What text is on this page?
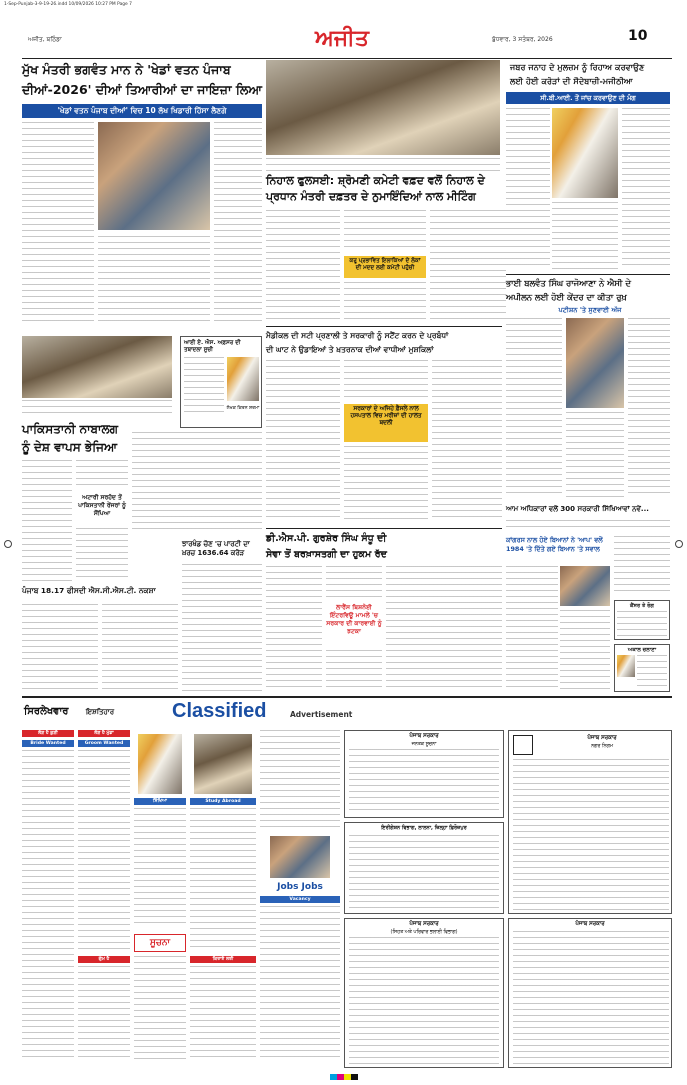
1-Sep-Punjab-3-9-19-26.indd 10/09/2026 10:27 PM Page 7
ਅਜੀਤ, ਬਠਿੰਡਾ	ਅਜੀਤ	ਬੁੱਧਵਾਰ, 3 ਸਤੰਬਰ, 2026	10
ਮੁੱਖ ਮੰਤਰੀ ਭਗਵੰਤ ਮਾਨ ਨੇ 'ਖੇਡਾਂ ਵਤਨ ਪੰਜਾਬ
ਦੀਆਂ-2026' ਦੀਆਂ ਤਿਆਰੀਆਂ ਦਾ ਜਾਇਜ਼ਾ ਲਿਆ
'ਖੇਡਾਂ ਵਤਨ ਪੰਜਾਬ ਦੀਆਂ' ਵਿਚ 10 ਲੱਖ ਖਿਡਾਰੀ ਹਿੱਸਾ ਲੈਣਗੇ
ਨਿਹਾਲ ਫੁਲਸਈ: ਸ਼੍ਰੋਮਣੀ ਕਮੇਟੀ ਵਫ਼ਦ ਵਲੋਂ ਨਿਹਾਲ ਦੇ
ਪ੍ਰਧਾਨ ਮੰਤਰੀ ਦਫ਼ਤਰ ਦੇ ਨੁਮਾਇੰਦਿਆਂ ਨਾਲ ਮੀਟਿੰਗ
ਕਰੂ ਪ੍ਰਭਾਵਿਤ ਇਲਾਕਿਆਂ ਦੇ ਲੋਕਾਂ ਦੀ ਮਦਦ ਲਈ ਕਮੇਟੀ ਪਹੁੰਚੀ
ਜਬਰ ਜਨਾਹ ਦੇ ਮੁਲਜ਼ਮ ਨੂੰ ਰਿਹਾਅ ਕਰਵਾਉਣ
ਲਈ ਹੋਈ ਕਰੋੜਾਂ ਦੀ ਸੌਦੇਬਾਜ਼ੀ-ਮਜੀਠੀਆ
ਸੀ.ਬੀ.ਆਈ. ਤੋਂ ਜਾਂਚ ਕਰਵਾਉਣ ਦੀ ਮੰਗ
ਭਾਈ ਬਲਵੰਤ ਸਿੰਘ ਰਾਜੋਆਣਾ ਨੇ ਐਸੀ ਦੇ
ਅਪੀਲਨ ਲਈ ਹੋਈ ਕੇਂਦਰ ਦਾ ਕੀਤਾ ਰੁਖ਼
ਪਟੀਸ਼ਨ 'ਤੇ ਸੁਣਵਾਈ ਅੱਜ
ਮੈਡੀਕਲ ਦੀ ਸਟੀ ਪ੍ਰਣਾਲੀ ਤੇ ਸਰਕਾਰੀ ਨੂੰ ਸਟੈਂਟ ਕਰਨ ਦੇ ਪ੍ਰਬੰਧਾਂ
ਦੀ ਘਾਟ ਨੇ ਉਡਾਇਆਂ ਤੇ ਖ਼ਤਰਨਾਕ ਦੀਆਂ ਵਾਧੀਆਂ ਮੁਸ਼ਕਿਲਾਂ
ਸਰਕਾਰਾਂ ਦੇ ਅਜਿਹੇ ਫ਼ੈਸਲੇ ਨਾਲ ਹਸਪਤਾਲ ਵਿਚ ਮਰੀਜ਼ਾਂ ਦੀ ਹਾਲਤ ਬਦਲੀ
ਪਾਕਿਸਤਾਨੀ ਨਾਬਾਲਗ
ਨੂੰ ਦੇਸ਼ ਵਾਪਸ ਭੇਜਿਆ
ਅਟਾਰੀ ਸਰਹੱਦ ਤੋਂ ਪਾਕਿਸਤਾਨੀ ਰੇਂਜਰਾਂ ਨੂੰ ਸੌਂਪਿਆ
ਆਈ ਏ. ਐਸ. ਅਫ਼ਸਰ ਦੀ ਤਬਾਦਲਾ ਸੂਚੀ
ਲੇਖਕ ਕਿਰਨ ਸ਼ਰਮਾ
ਝਾਰਖੰਡ ਚੋਣ 'ਚ ਪਾਰਟੀ ਦਾ ਖ਼ਰਚ 1636.64 ਕਰੋੜ
ਪੰਜਾਬ 18.17 ਫੀਸਦੀ ਐਸ.ਸੀ.ਐਸ.ਟੀ. ਨਕਸ਼ਾ
ਡੀ.ਐਸ.ਪੀ. ਗੁਰਸ਼ੇਰ ਸਿੰਘ ਸੰਧੂ ਦੀ
ਸੇਵਾ ਤੋਂ ਬਰਖ਼ਾਸਤਗੀ ਦਾ ਹੁਕਮ ਰੱਦ
ਲਾਰੈਂਸ ਬਿਸ਼ਨੋਈ ਇੰਟਰਵਿਊ ਮਾਮਲੇ 'ਚ ਸਰਕਾਰ ਦੀ ਕਾਰਵਾਈ ਨੂੰ ਝਟਕਾ
ਕਾਂਗਰਸ ਨਾਲ ਹੋਏ ਬਿਆਨਾਂ ਨੇ 'ਆਪ' ਵਲੋਂ 1984 'ਤੇ ਦਿੱਤੇ ਗਏ ਬਿਆਨ 'ਤੇ ਸਵਾਲ
ਆਮ ਅਧਿਕਾਰਾਂ ਵਲੋਂ 300 ਸਰਕਾਰੀ ਸਿੱਖਿਆਵਾਂ ਨਵੇਂ...
ਕੈਂਸਰ ਤੇ ਰੋਗ
ਅਕਾਲ ਚਲਾਣਾ
ਸਿਰਲੇਖਵਾਰ	ਇਸ਼ਤਿਹਾਰ	Classified	Advertisement
ਲੋੜ ਹੈ ਕੁੜੀ
Bride Wanted
ਲੋੜ ਹੈ ਮੁੰਡਾ
Groom Wanted
ਗੁੰਮ ਹੈ
ਸਿੱਖਿਆ
ਸੂਚਨਾ
Study Abroad
ਕਿਰਾਏ ਲਈ
Jobs Jobs
Vacancy
ਪੰਜਾਬ ਸਰਕਾਰ
ਜਨਤਕ ਸੂਚਨਾ
ਇਰੀਗੇਸ਼ਨ ਵਿਭਾਗ, ਲਾਲਨਾ, ਜ਼ਿਲ੍ਹਾ ਫ਼ਿਰੋਜ਼ਪੁਰ
ਪੰਜਾਬ ਸਰਕਾਰ
(ਸਿਹਤ ਅਤੇ ਪਰਿਵਾਰ ਭਲਾਈ ਵਿਭਾਗ)
ਪੰਜਾਬ ਸਰਕਾਰ
ਨਗਰ ਨਿਗਮ
ਪੰਜਾਬ ਸਰਕਾਰ
